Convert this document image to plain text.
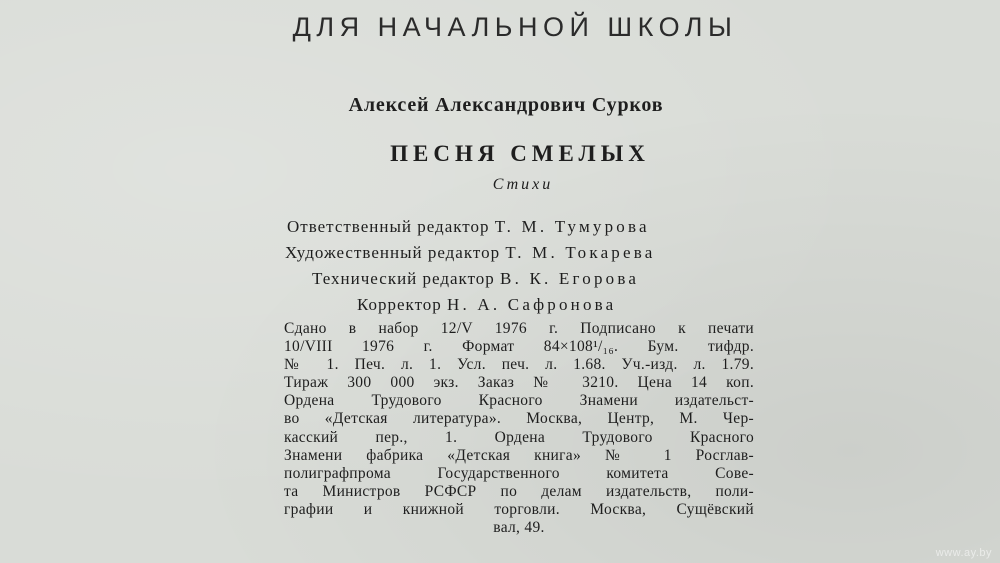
ДЛЯ НАЧАЛЬНОЙ ШКОЛЫ
Алексей Александрович Сурков
ПЕСНЯ СМЕЛЫХ
Стихи
Ответственный редактор Т. М. Тумурова
Художественный редактор Т. М. Токарева
Технический редактор В. К. Егорова
Корректор Н. А. Сафронова
Сдано в набор 12/V 1976 г. Подписано к печати
10/VIII 1976 г. Формат 84×108¹/₁₆. Бум. тифдр.
№ 1. Печ. л. 1. Усл. печ. л. 1.68. Уч.-изд. л. 1.79.
Тираж 300 000 экз. Заказ № 3210. Цена 14 коп.
Ордена Трудового Красного Знамени издательст-
во «Детская литература». Москва, Центр, М. Чер-
касский пер., 1. Ордена Трудового Красного
Знамени фабрика «Детская книга» № 1 Росглав-
полиграфпрома Государственного комитета Сове-
та Министров РСФСР по делам издательств, поли-
графии и книжной торговли. Москва, Сущёвский
вал, 49.
www.ay.by
